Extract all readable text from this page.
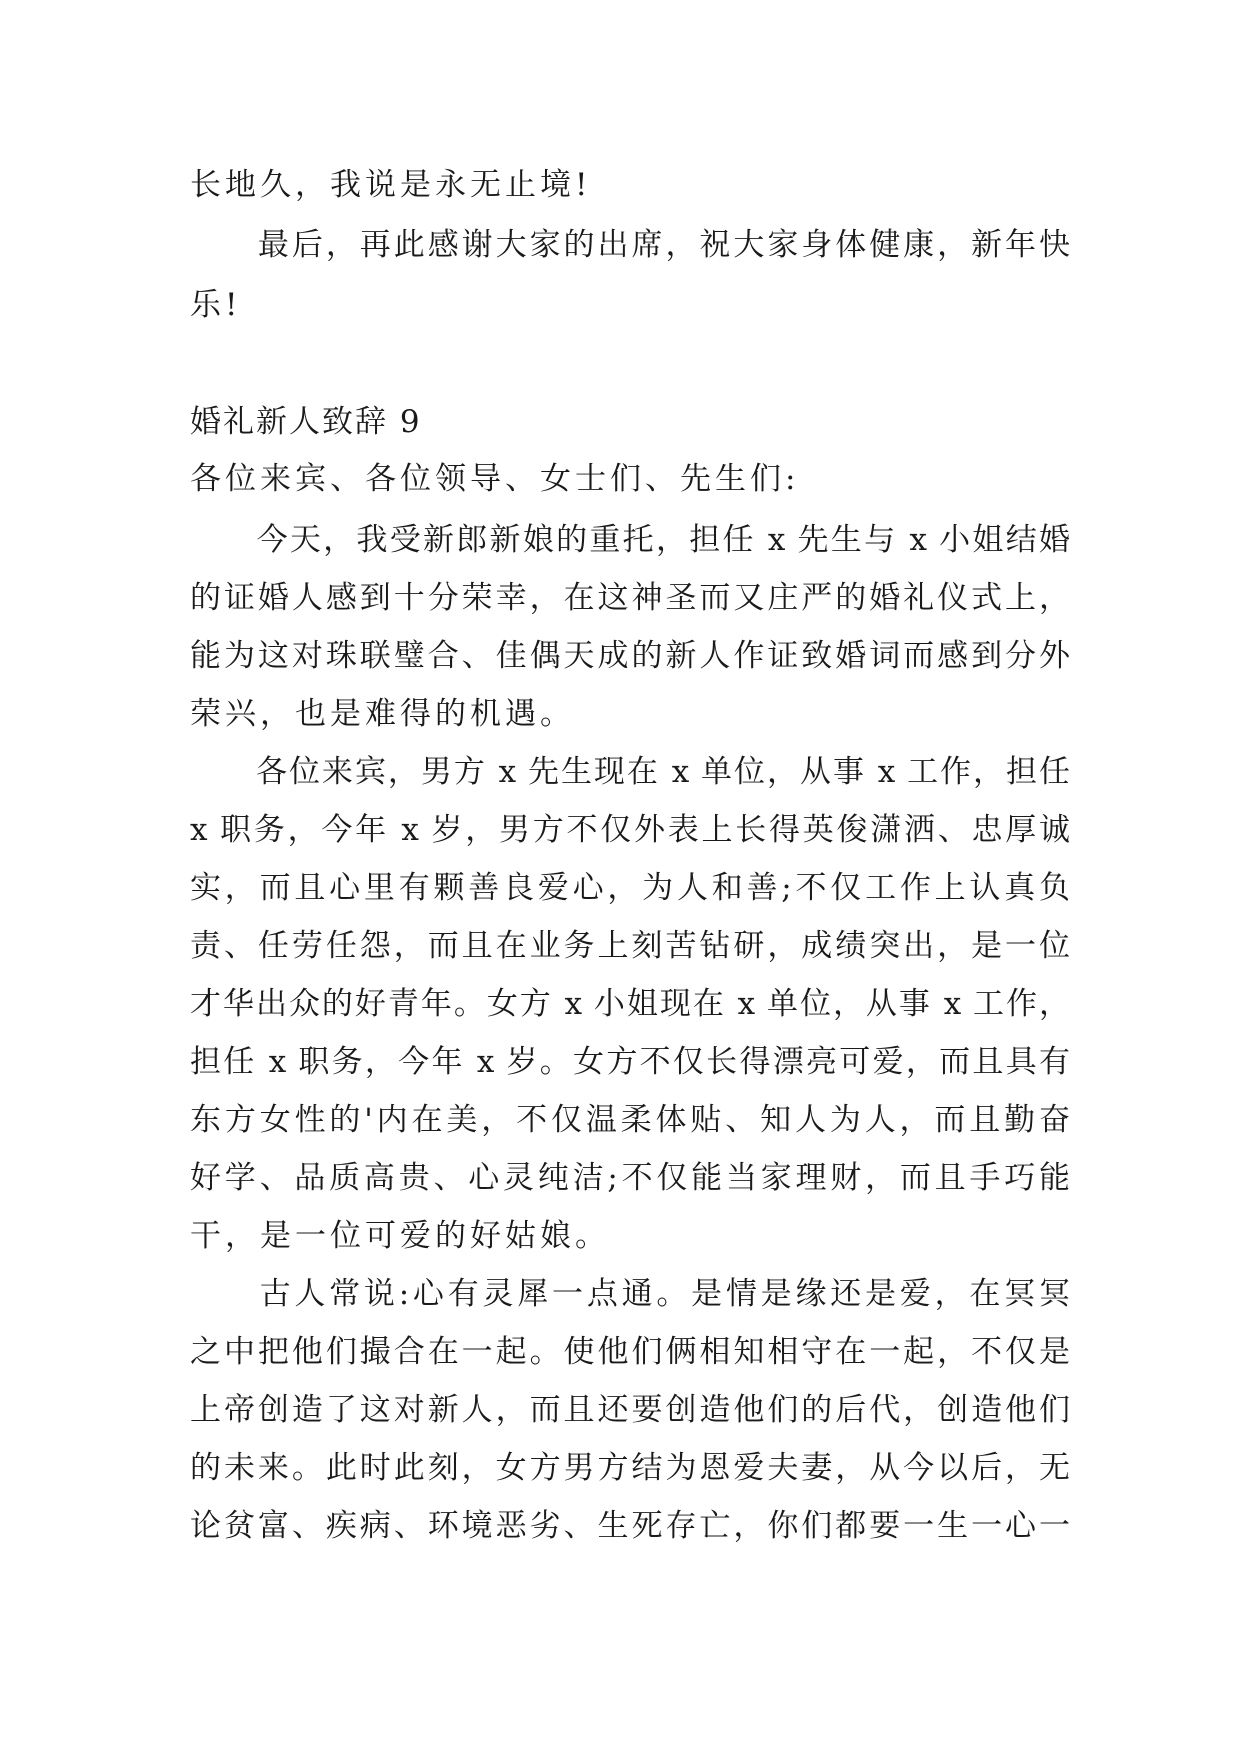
长地久，我说是永无止境!
　　最后，再此感谢大家的出席，祝大家身体健康，新年快
乐!
婚礼新人致辞 9
各位来宾、各位领导、女士们、先生们:
　　今天，我受新郎新娘的重托，担任 x 先生与 x 小姐结婚
的证婚人感到十分荣幸，在这神圣而又庄严的婚礼仪式上，
能为这对珠联璧合、佳偶天成的新人作证致婚词而感到分外
荣兴，也是难得的机遇。
　　各位来宾，男方 x 先生现在 x 单位，从事 x 工作，担任
x 职务，今年 x 岁，男方不仅外表上长得英俊潇洒、忠厚诚
实，而且心里有颗善良爱心，为人和善;不仅工作上认真负
责、任劳任怨，而且在业务上刻苦钻研，成绩突出，是一位
才华出众的好青年。女方 x 小姐现在 x 单位，从事 x 工作，
担任 x 职务，今年 x 岁。女方不仅长得漂亮可爱，而且具有
东方女性的'内在美，不仅温柔体贴、知人为人，而且勤奋
好学、品质高贵、心灵纯洁;不仅能当家理财，而且手巧能
干，是一位可爱的好姑娘。
　　古人常说:心有灵犀一点通。是情是缘还是爱，在冥冥
之中把他们撮合在一起。使他们俩相知相守在一起，不仅是
上帝创造了这对新人，而且还要创造他们的后代，创造他们
的未来。此时此刻，女方男方结为恩爱夫妻，从今以后，无
论贫富、疾病、环境恶劣、生死存亡，你们都要一生一心一
